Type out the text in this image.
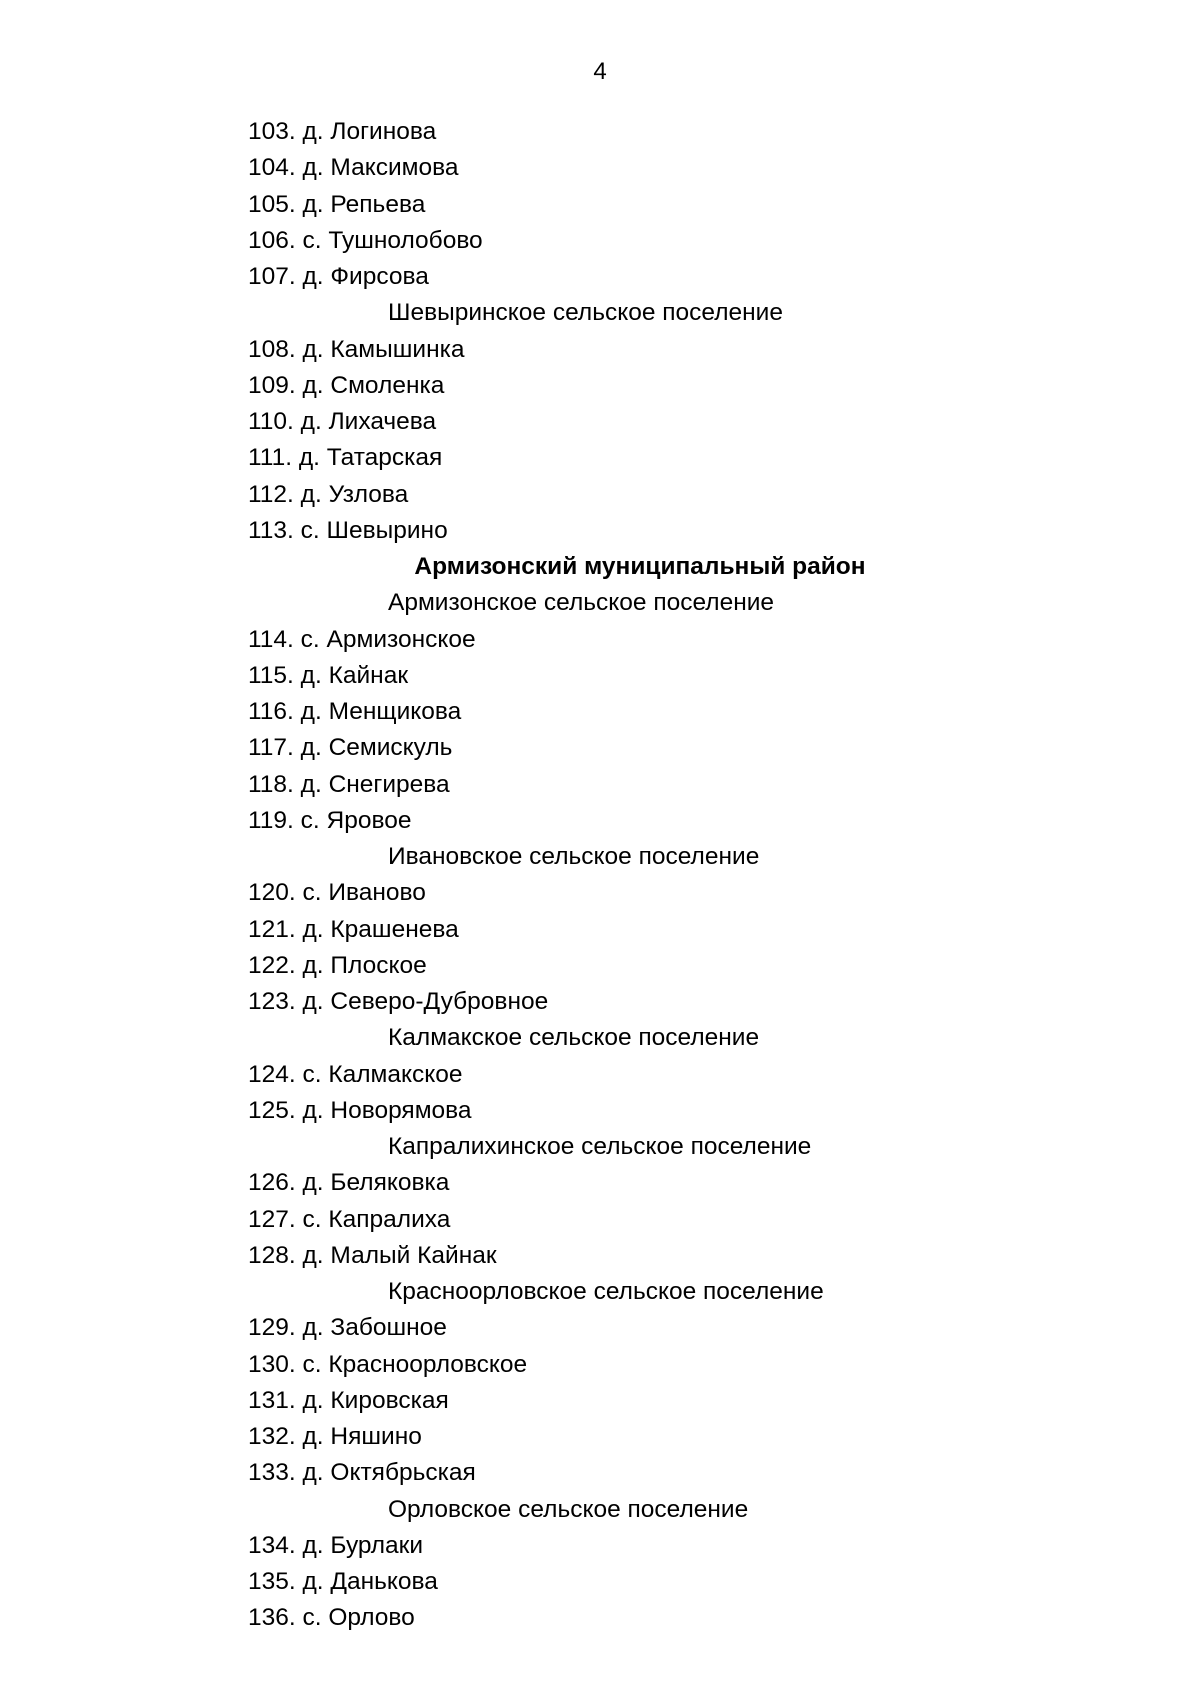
4
103. д. Логинова
104. д. Максимова
105. д. Репьева
106. с. Тушнолобово
107. д. Фирсова
Шевыринское сельское поселение
108. д. Камышинка
109. д. Смоленка
110. д. Лихачева
111. д. Татарская
112. д. Узлова
113. с. Шевырино
Армизонский муниципальный район
Армизонское сельское поселение
114. с. Армизонское
115. д. Кайнак
116. д. Менщикова
117. д. Семискуль
118. д. Снегирева
119. с. Яровое
Ивановское сельское поселение
120. с. Иваново
121. д. Крашенева
122. д. Плоское
123. д. Северо-Дубровное
Калмакское сельское поселение
124. с. Калмакское
125. д. Новорямова
Капралихинское сельское поселение
126. д. Беляковка
127. с. Капралиха
128. д. Малый Кайнак
Красноорловское сельское поселение
129. д. Забошное
130. с. Красноорловское
131. д. Кировская
132. д. Няшино
133. д. Октябрьская
Орловское сельское поселение
134. д. Бурлаки
135. д. Данькова
136. с. Орлово
